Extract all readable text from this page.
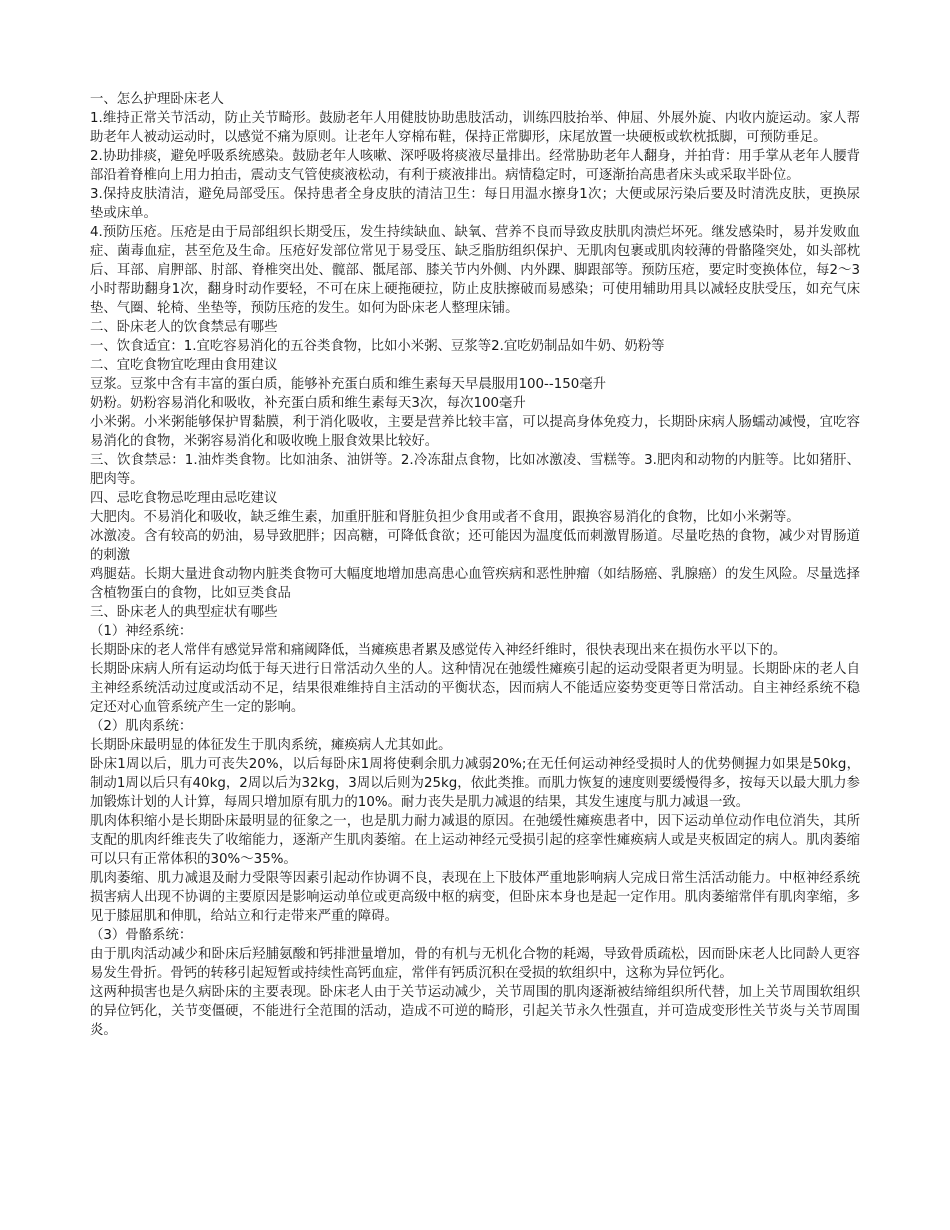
一、怎么护理卧床老人

1.维持正常关节活动，防止关节畸形。鼓励老年人用健肢协助患肢活动，训练四肢抬举、伸屈、外展外旋、内收内旋运动。家人帮助老年人被动运动时，以感觉不痛为原则。让老年人穿棉布鞋，保持正常脚形，床尾放置一块硬板或软枕抵脚，可预防垂足。

2.协助排痰，避免呼吸系统感染。鼓励老年人咳嗽、深呼吸将痰液尽量排出。经常胁助老年人翻身，并拍背：用手掌从老年人腰背部沿着脊椎向上用力拍击，震动支气管使痰液松动，有利于痰液排出。病情稳定时，可逐渐抬高患者床头或采取半卧位。

3.保持皮肤清洁，避免局部受压。保持患者全身皮肤的清洁卫生：每日用温水擦身1次；大便或尿污染后要及时清洗皮肤，更换尿垫或床单。

4.预防压疮。压疮是由于局部组织长期受压，发生持续缺血、缺氧、营养不良而导致皮肤肌肉溃烂坏死。继发感染时，易并发败血症、菌毒血症，甚至危及生命。压疮好发部位常见于易受压、缺乏脂肪组织保护、无肌肉包裹或肌肉较薄的骨骼隆突处，如头部枕后、耳部、肩胛部、肘部、脊椎突出处、髋部、骶尾部、膝关节内外侧、内外踝、脚跟部等。预防压疮，要定时变换体位，每2～3小时帮助翻身1次，翻身时动作要轻，不可在床上硬拖硬拉，防止皮肤擦破而易感染；可使用辅助用具以减轻皮肤受压，如充气床垫、气圈、轮椅、坐垫等，预防压疮的发生。如何为卧床老人整理床铺。

二、卧床老人的饮食禁忌有哪些

一、饮食适宜：1.宜吃容易消化的五谷类食物，比如小米粥、豆浆等2.宜吃奶制品如牛奶、奶粉等

二、宜吃食物宜吃理由食用建议

豆浆。豆浆中含有丰富的蛋白质，能够补充蛋白质和维生素每天早晨服用100--150毫升

奶粉。奶粉容易消化和吸收，补充蛋白质和维生素每天3次，每次100毫升

小米粥。小米粥能够保护胃黏膜，利于消化吸收，主要是营养比较丰富，可以提高身体免疫力，长期卧床病人肠蠕动减慢，宜吃容易消化的食物，米粥容易消化和吸收晚上服食效果比较好。

三、饮食禁忌：1.油炸类食物。比如油条、油饼等。2.冷冻甜点食物，比如冰激凌、雪糕等。3.肥肉和动物的内脏等。比如猪肝、肥肉等。

四、忌吃食物忌吃理由忌吃建议

大肥肉。不易消化和吸收，缺乏维生素，加重肝脏和肾脏负担少食用或者不食用，跟换容易消化的食物，比如小米粥等。

冰激凌。含有较高的奶油，易导致肥胖；因高糖，可降低食欲；还可能因为温度低而刺激胃肠道。尽量吃热的食物，减少对胃肠道的刺激

鸡腿菇。长期大量进食动物内脏类食物可大幅度地增加患高患心血管疾病和恶性肿瘤（如结肠癌、乳腺癌）的发生风险。尽量选择含植物蛋白的食物，比如豆类食品

三、卧床老人的典型症状有哪些

（1）神经系统：

长期卧床的老人常伴有感觉异常和痛阈降低，当瘫痪患者累及感觉传入神经纤维时，很快表现出来在损伤水平以下的。

长期卧床病人所有运动均低于每天进行日常活动久坐的人。这种情况在弛缓性瘫痪引起的运动受限者更为明显。长期卧床的老人自主神经系统活动过度或活动不足，结果很难维持自主活动的平衡状态，因而病人不能适应姿势变更等日常活动。自主神经系统不稳定还对心血管系统产生一定的影响。

（2）肌肉系统：

长期卧床最明显的体征发生于肌肉系统，瘫痪病人尤其如此。

卧床1周以后，肌力可丧失20%，以后每卧床1周将使剩余肌力减弱20%;在无任何运动神经受损时人的优势侧握力如果是50kg，制动1周以后只有40kg，2周以后为32kg，3周以后则为25kg，依此类推。而肌力恢复的速度则要缓慢得多，按每天以最大肌力参加锻炼计划的人计算，每周只增加原有肌力的10%。耐力丧失是肌力减退的结果，其发生速度与肌力减退一致。

肌肉体积缩小是长期卧床最明显的征象之一，也是肌力耐力减退的原因。在弛缓性瘫痪患者中，因下运动单位动作电位消失，其所支配的肌肉纤维丧失了收缩能力，逐渐产生肌肉萎缩。在上运动神经元受损引起的痉挛性瘫痪病人或是夹板固定的病人。肌肉萎缩可以只有正常体积的30%～35%。

肌肉萎缩、肌力减退及耐力受限等因素引起动作协调不良，表现在上下肢体严重地影响病人完成日常生活活动能力。中枢神经系统损害病人出现不协调的主要原因是影响运动单位或更高级中枢的病变，但卧床本身也是起一定作用。肌肉萎缩常伴有肌肉挛缩，多见于膝屈肌和伸肌，给站立和行走带来严重的障碍。

（3）骨骼系统：

由于肌肉活动减少和卧床后羟脯氨酸和钙排泄量增加，骨的有机与无机化合物的耗竭，导致骨质疏松，因而卧床老人比同龄人更容易发生骨折。骨钙的转移引起短暂或持续性高钙血症，常伴有钙质沉积在受损的软组织中，这称为异位钙化。

这两种损害也是久病卧床的主要表现。卧床老人由于关节运动减少，关节周围的肌肉逐渐被结缔组织所代替，加上关节周围软组织的异位钙化，关节变僵硬，不能进行全范围的活动，造成不可逆的畸形，引起关节永久性强直，并可造成变形性关节炎与关节周围炎。
